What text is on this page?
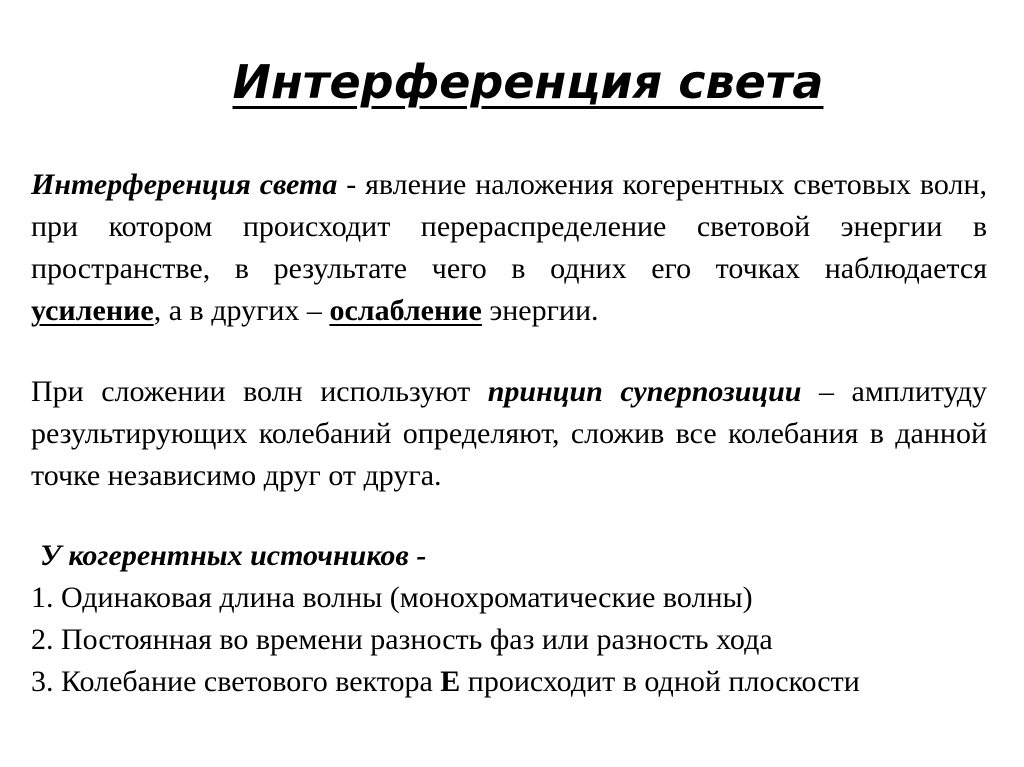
Интерференция света

Интерференция света - явление наложения когерентных световых волн, при котором происходит перераспределение световой энергии в пространстве, в результате чего в одних его точках наблюдается усиление, а в других – ослабление энергии.

При сложении волн используют принцип суперпозиции – амплитуду результирующих колебаний определяют, сложив все колебания в данной точке независимо друг от друга.

У когерентных источников -

1. Одинаковая длина волны (монохроматические волны)
2. Постоянная во времени разность фаз или разность хода
3. Колебание светового вектора E происходит в одной плоскости
